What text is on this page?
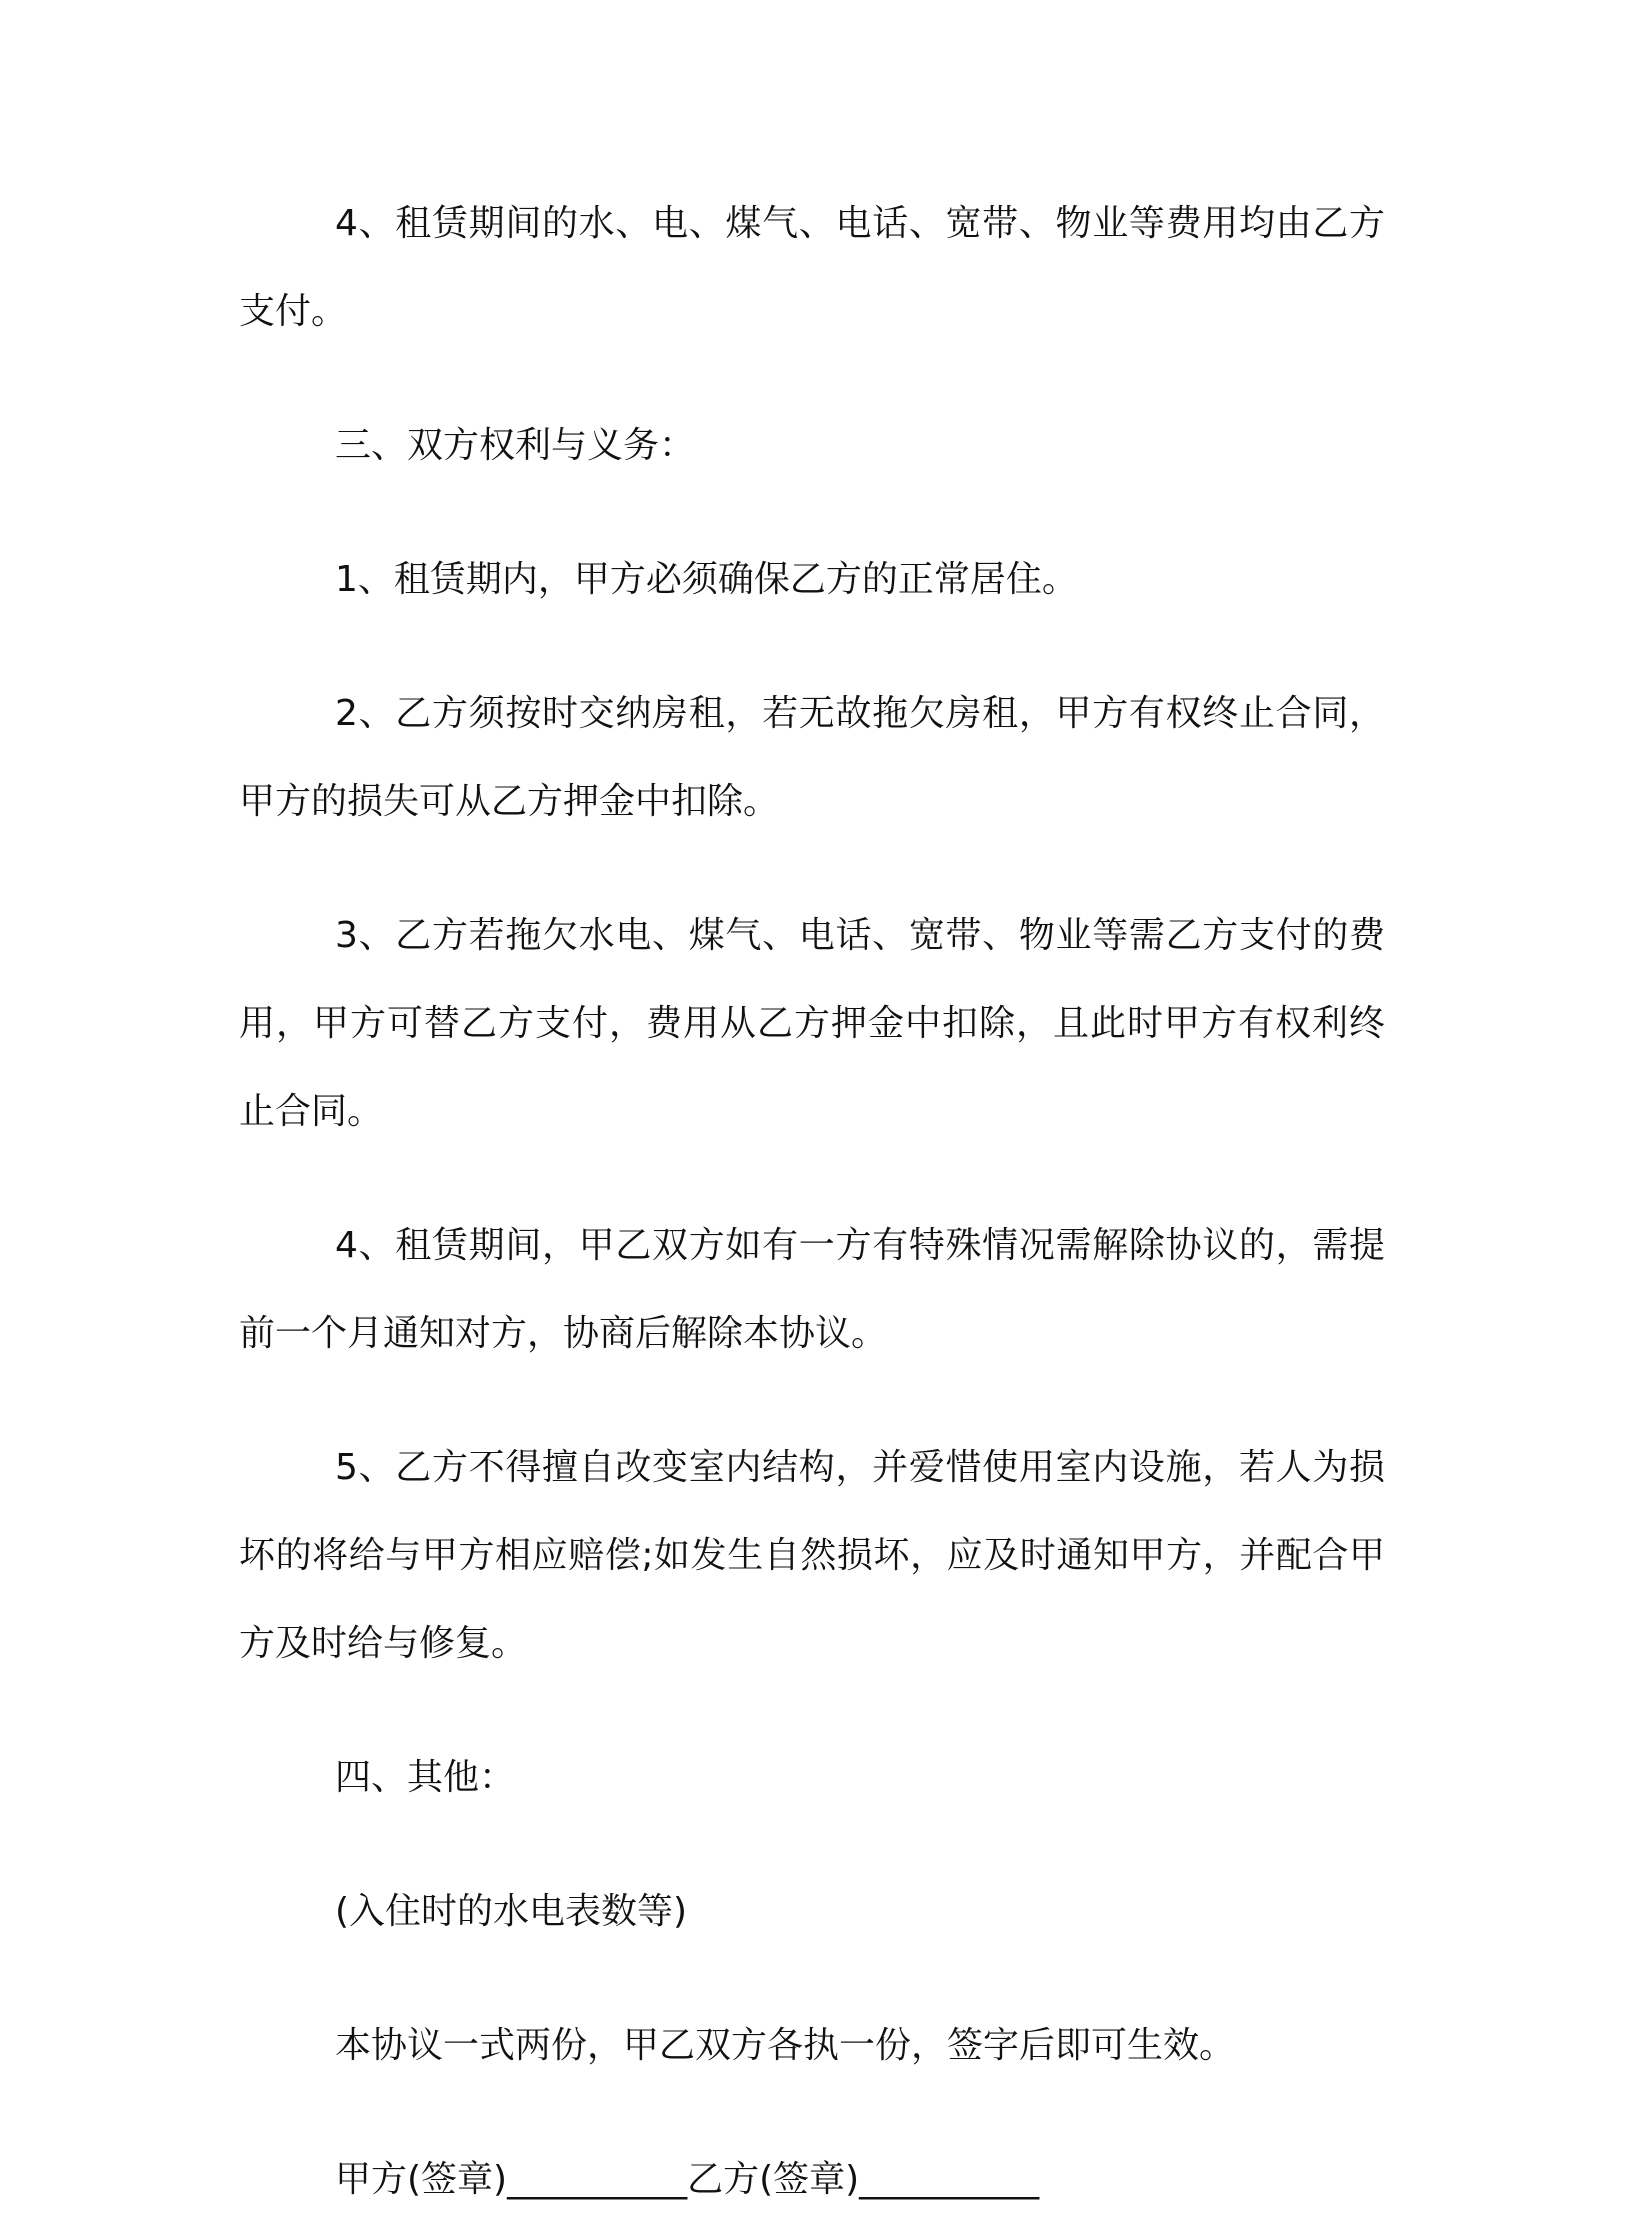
4、租赁期间的水、电、煤气、电话、宽带、物业等费用均由乙方支付。

三、双方权利与义务：

1、租赁期内，甲方必须确保乙方的正常居住。

2、乙方须按时交纳房租，若无故拖欠房租，甲方有权终止合同，甲方的损失可从乙方押金中扣除。

3、乙方若拖欠水电、煤气、电话、宽带、物业等需乙方支付的费用，甲方可替乙方支付，费用从乙方押金中扣除，且此时甲方有权利终止合同。

4、租赁期间，甲乙双方如有一方有特殊情况需解除协议的，需提前一个月通知对方，协商后解除本协议。

5、乙方不得擅自改变室内结构，并爱惜使用室内设施，若人为损坏的将给与甲方相应赔偿;如发生自然损坏，应及时通知甲方，并配合甲方及时给与修复。

四、其他：

(入住时的水电表数等)

本协议一式两份，甲乙双方各执一份，签字后即可生效。

甲方(签章)__________乙方(签章)__________
